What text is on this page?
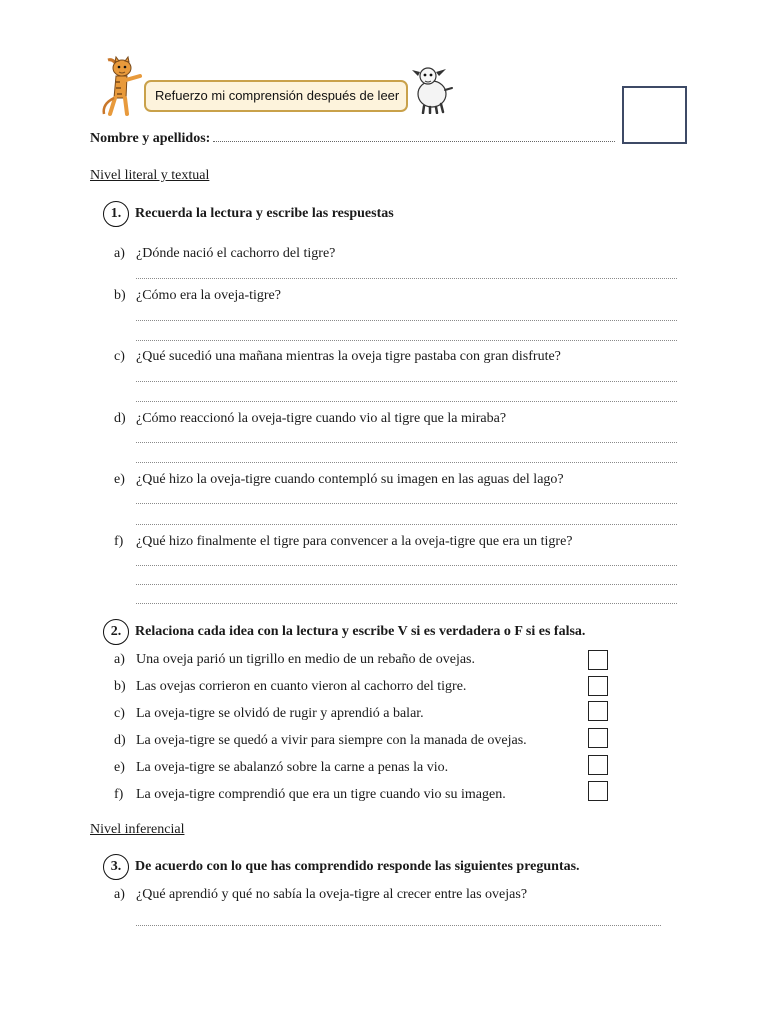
Refuerzo mi comprensión después de leer
Nombre y apellidos:
Nivel literal y textual
1. Recuerda la lectura y escribe las respuestas
a) ¿Dónde nació el cachorro del tigre?
b) ¿Cómo era la oveja-tigre?
c) ¿Qué sucedió una mañana mientras la oveja tigre pastaba con gran disfrute?
d) ¿Cómo reaccionó la oveja-tigre cuando vio al tigre que la miraba?
e) ¿Qué hizo la oveja-tigre cuando contempló su imagen en las aguas del lago?
f) ¿Qué hizo finalmente el tigre para convencer a la oveja-tigre que era un tigre?
2. Relaciona cada idea con la lectura y escribe V si es verdadera o F si es falsa.
a) Una oveja parió un tigrillo en medio de un rebaño de ovejas.
b) Las ovejas corrieron en cuanto vieron al cachorro del tigre.
c) La oveja-tigre se olvidó de rugir y aprendió a balar.
d) La oveja-tigre se quedó a vivir para siempre con la manada de ovejas.
e) La oveja-tigre se abalanzó sobre la carne a penas la vio.
f) La oveja-tigre comprendió que era un tigre cuando vio su imagen.
Nivel inferencial
3. De acuerdo con lo que has comprendido responde las siguientes preguntas.
a) ¿Qué aprendió y qué no sabía la oveja-tigre al crecer entre las ovejas?
